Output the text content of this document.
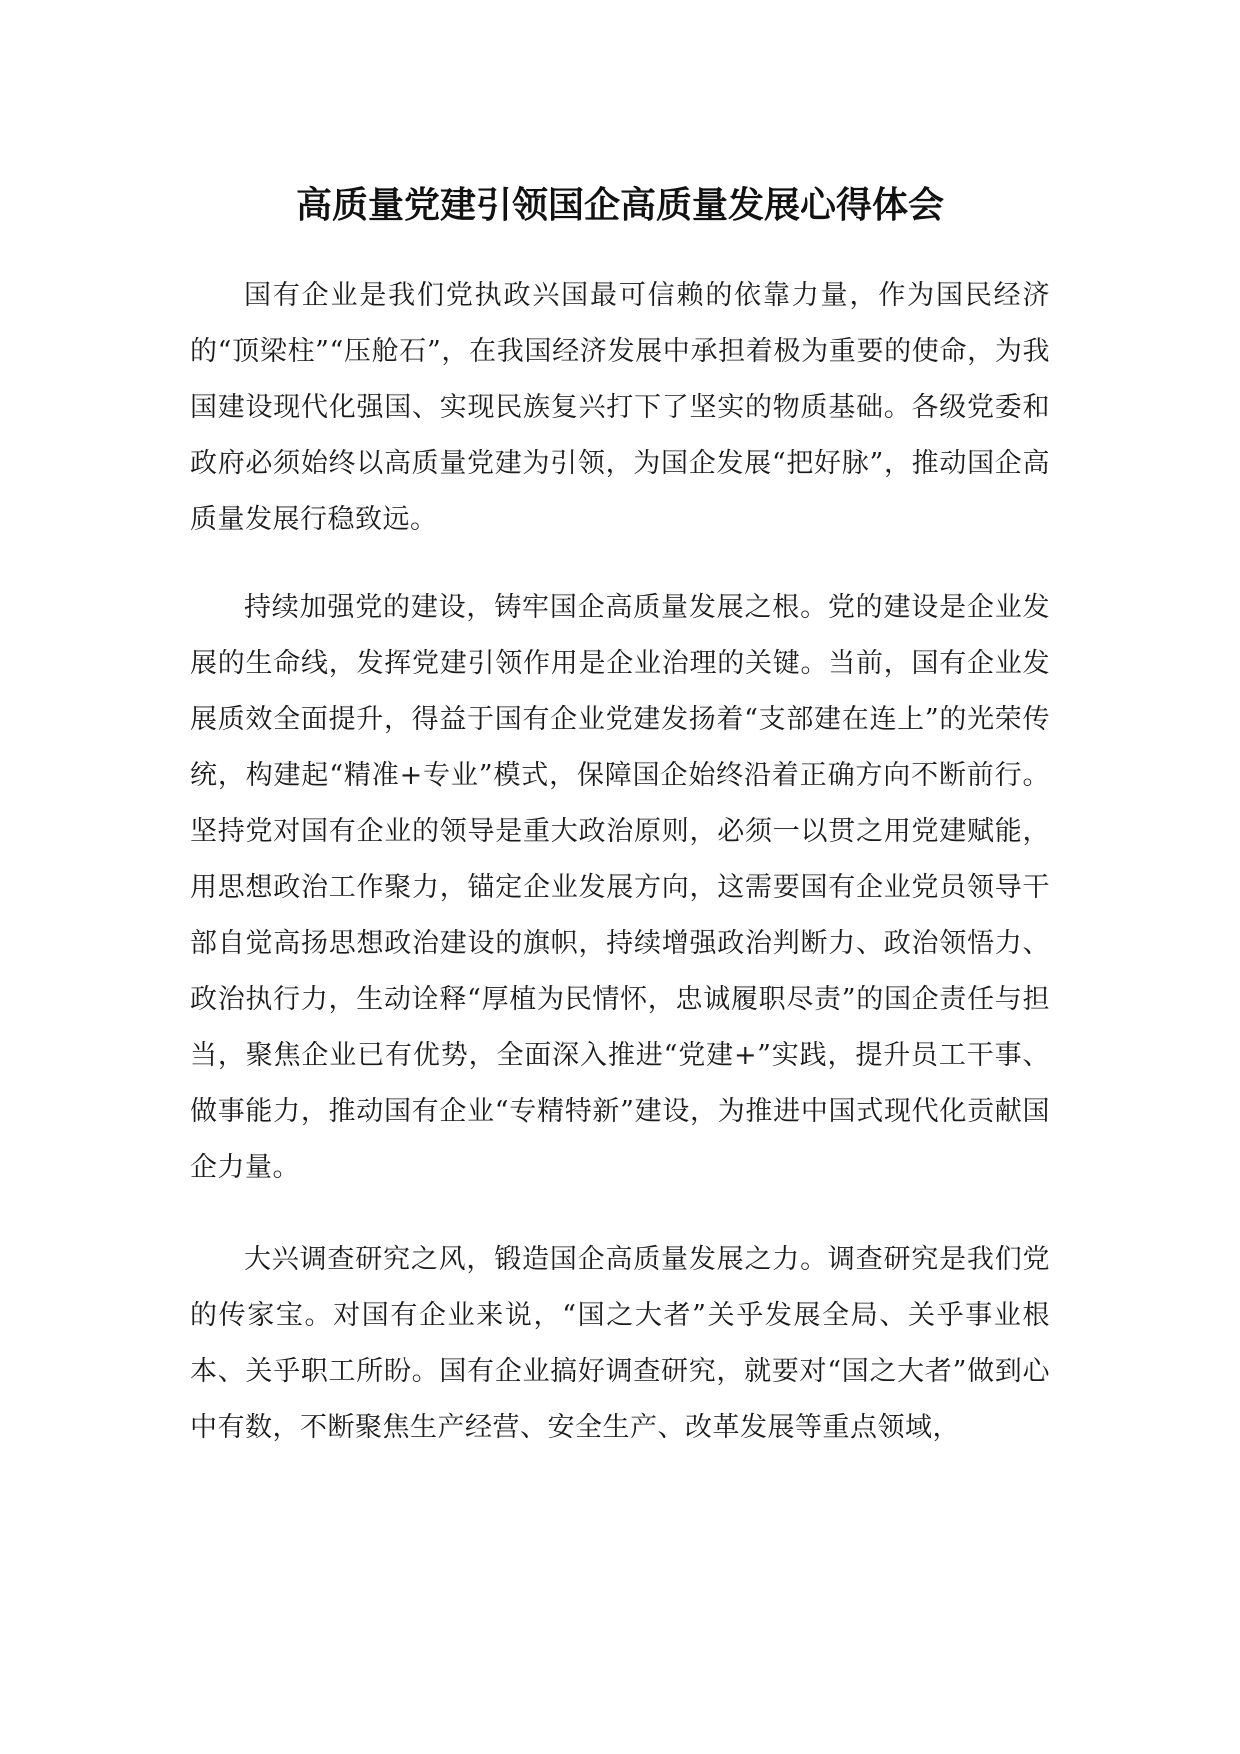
高质量党建引领国企高质量发展心得体会

国有企业是我们党执政兴国最可信赖的依靠力量，作为国民经济的“顶梁柱”“压舱石”，在我国经济发展中承担着极为重要的使命，为我国建设现代化强国、实现民族复兴打下了坚实的物质基础。各级党委和政府必须始终以高质量党建为引领，为国企发展“把好脉”，推动国企高质量发展行稳致远。

持续加强党的建设，铸牢国企高质量发展之根。党的建设是企业发展的生命线，发挥党建引领作用是企业治理的关键。当前，国有企业发展质效全面提升，得益于国有企业党建发扬着“支部建在连上”的光荣传统，构建起“精准+专业”模式，保障国企始终沿着正确方向不断前行。坚持党对国有企业的领导是重大政治原则，必须一以贯之用党建赋能，用思想政治工作聚力，锚定企业发展方向，这需要国有企业党员领导干部自觉高扬思想政治建设的旗帜，持续增强政治判断力、政治领悟力、政治执行力，生动诠释“厚植为民情怀，忠诚履职尽责”的国企责任与担当，聚焦企业已有优势，全面深入推进“党建+”实践，提升员工干事、做事能力，推动国有企业“专精特新”建设，为推进中国式现代化贡献国企力量。

大兴调查研究之风，锻造国企高质量发展之力。调查研究是我们党的传家宝。对国有企业来说，“国之大者”关乎发展全局、关乎事业根本、关乎职工所盼。国有企业搞好调查研究，就要对“国之大者”做到心中有数，不断聚焦生产经营、安全生产、改革发展等重点领域，
